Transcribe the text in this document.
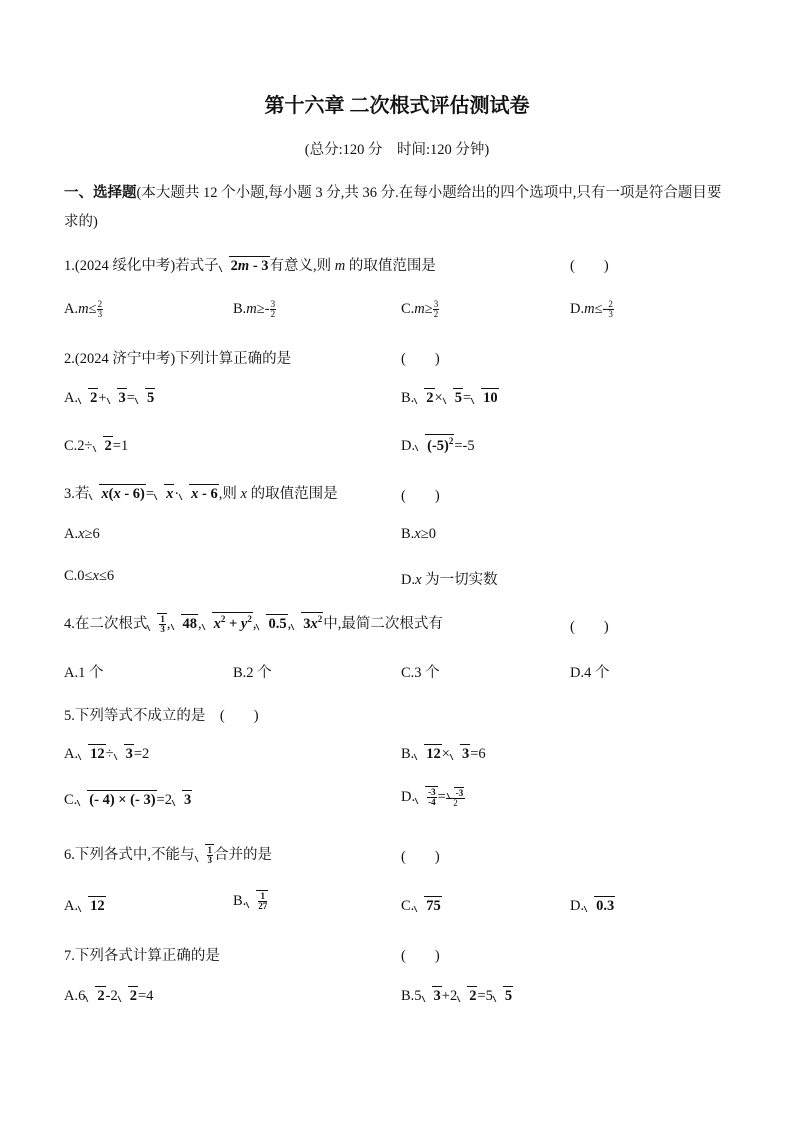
第十六章 二次根式评估测试卷
(总分:120 分　时间:120 分钟)
一、选择题(本大题共 12 个小题,每小题 3 分,共 36 分.在每小题给出的四个选项中,只有一项是符合题目要求的)
1.(2024 绥化中考)若式子 2m - 3有意义,则 m 的取值范围是	(　　)
$A.m\le \frac{2}{3}$	$B.m\ge- \frac{3}{2}$	$C.m\ge \frac{3}{2}$	$D.m\le- \frac{2}{3}$
2.(2024 济宁中考)下列计算正确的是	(　　)
A. 2+ 3= 5	B. 2× 5= 10
C.2÷ 2=1	D. $(-5)^2=-5$
3.若 x(x - 6)= x· x - 6,则 x 的取值范围是	(　　)
A.x≥6	B.x≥0
C.0≤x≤6	D.x 为一切实数
4.在二次根式 $\frac{1}{3}$ , 48, $x^2 + y^2$, 0.5, $3x^2$中,最简二次根式有	(　　)
A.1 个	B.2 个	C.3 个	D.4 个
5.下列等式不成立的是　 (　　)
A. 12÷ 3=2	B. 12× 3=6
C. (- 4) × (- 3)=2 3	D. $\frac{-3}{-4} = \frac{-3}{2}$
6.下列各式中,不能与 $\frac{1}{3}$ 合并的是	(　　)
A. 12	B. $\frac{1}{27}$	C. 75	D. 0.3
7.下列各式计算正确的是	(　　)
A.6 2-2 2=4	B.5 3+2 2=5 5
